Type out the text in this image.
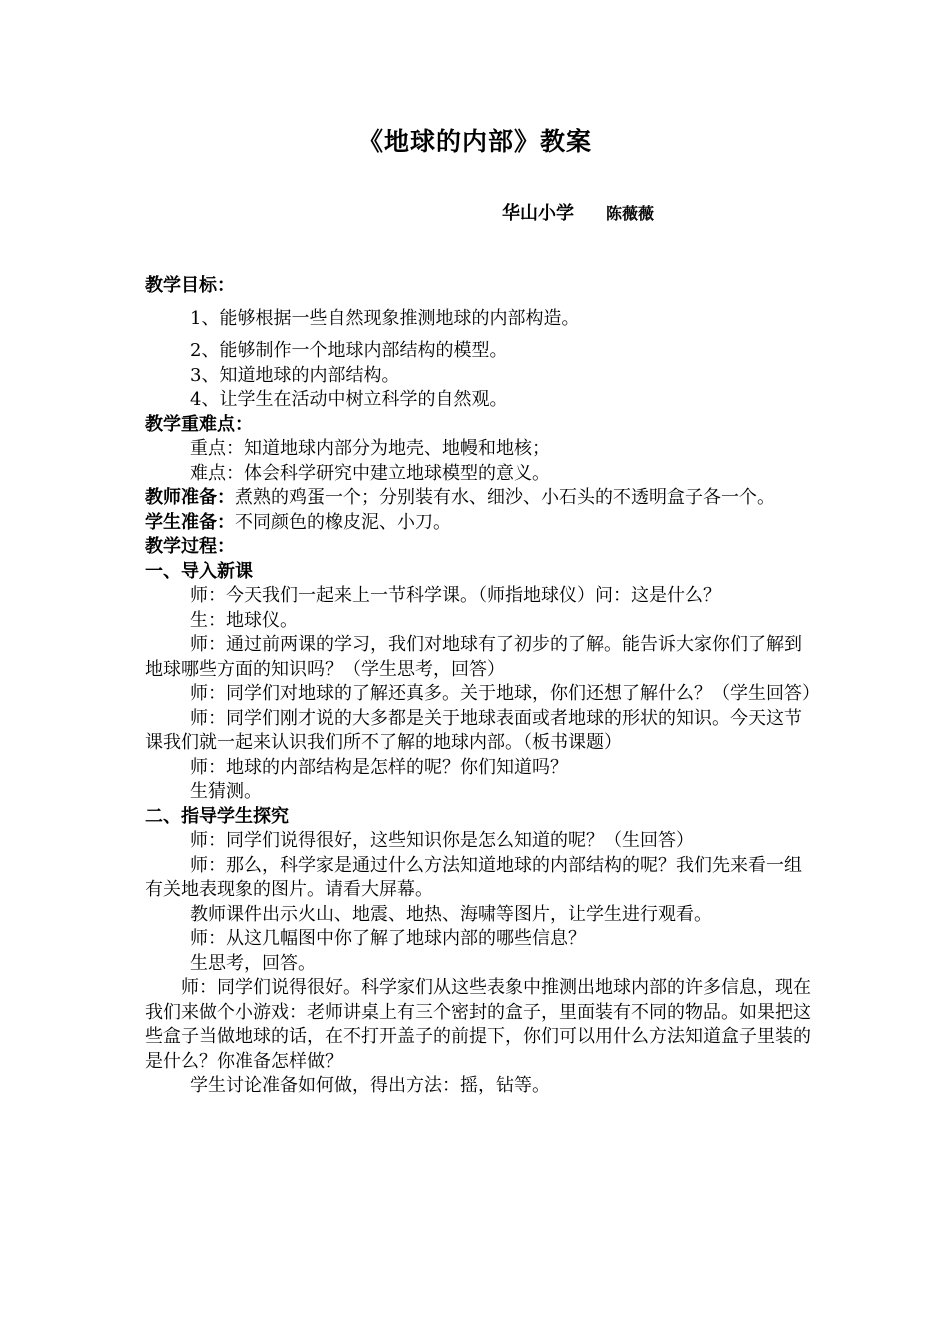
《地球的内部》教案
华山小学 陈薇薇

教学目标：

1、能够根据一些自然现象推测地球的内部构造。

2、能够制作一个地球内部结构的模型。

3、知道地球的内部结构。

4、让学生在活动中树立科学的自然观。

教学重难点：

重点：知道地球内部分为地壳、地幔和地核；

难点：体会科学研究中建立地球模型的意义。

教师准备：煮熟的鸡蛋一个；分别装有水、细沙、小石头的不透明盒子各一个。

学生准备：不同颜色的橡皮泥、小刀。

教学过程：

一、导入新课

师：今天我们一起来上一节科学课。（师指地球仪）问：这是什么？

生：地球仪。

师：通过前两课的学习，我们对地球有了初步的了解。能告诉大家你们了解到地球哪些方面的知识吗？（学生思考，回答）

师：同学们对地球的了解还真多。关于地球，你们还想了解什么？（学生回答）

师：同学们刚才说的大多都是关于地球表面或者地球的形状的知识。今天这节课我们就一起来认识我们所不了解的地球内部。（板书课题）

师：地球的内部结构是怎样的呢？你们知道吗？

生猜测。

二、指导学生探究

师：同学们说得很好，这些知识你是怎么知道的呢？（生回答）

师：那么，科学家是通过什么方法知道地球的内部结构的呢？我们先来看一组有关地表现象的图片。请看大屏幕。

教师课件出示火山、地震、地热、海啸等图片，让学生进行观看。

师：从这几幅图中你了解了地球内部的哪些信息？

生思考，回答。

师：同学们说得很好。科学家们从这些表象中推测出地球内部的许多信息，现在我们来做个小游戏：老师讲桌上有三个密封的盒子，里面装有不同的物品。如果把这些盒子当做地球的话，在不打开盖子的前提下，你们可以用什么方法知道盒子里装的是什么？你准备怎样做？

学生讨论准备如何做，得出方法：摇，钻等。
